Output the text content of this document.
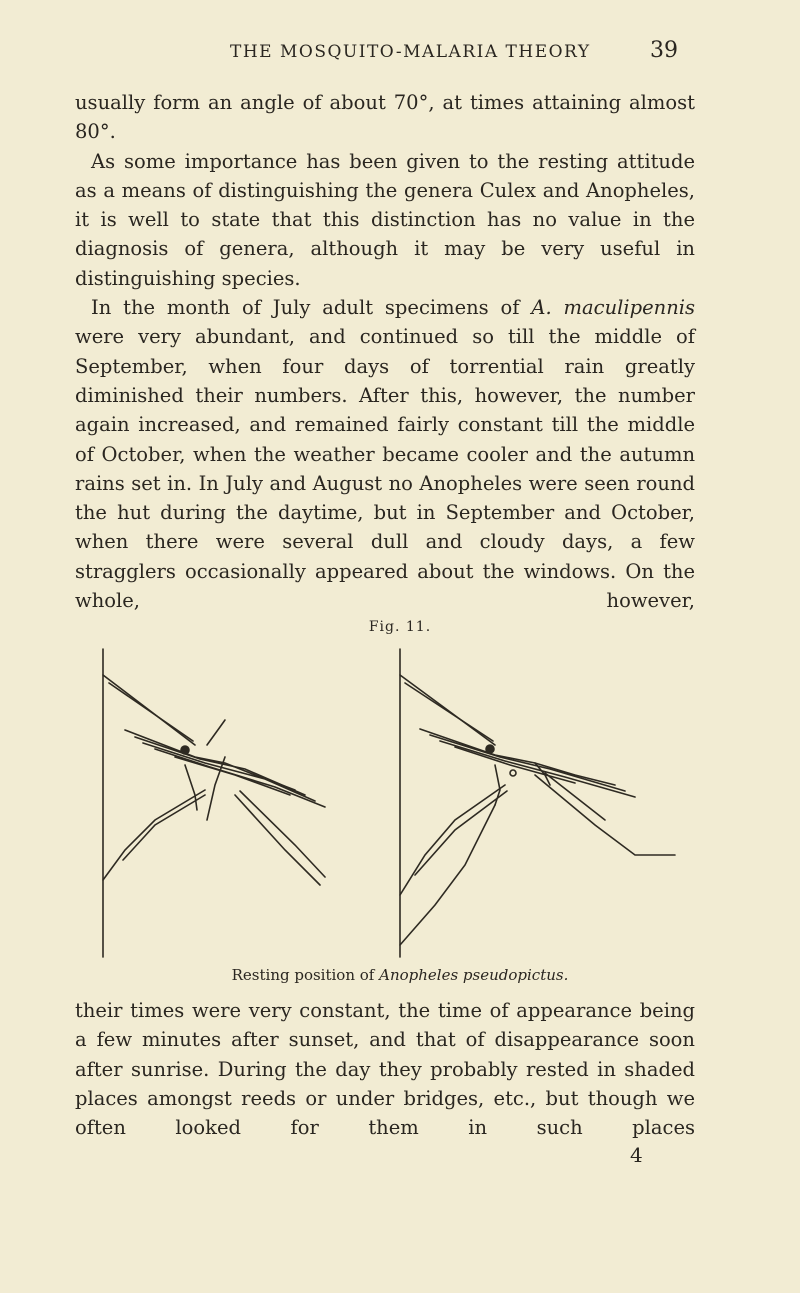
THE MOSQUITO-MALARIA THEORY	39

usually form an angle of about 70°, at times attaining almost 80°.

As some importance has been given to the resting attitude as a means of distinguishing the genera Culex and Anopheles, it is well to state that this distinction has no value in the diagnosis of genera, although it may be very useful in distinguishing species.

In the month of July adult specimens of A. maculipennis were very abundant, and continued so till the middle of September, when four days of torrential rain greatly diminished their numbers. After this, however, the number again increased, and remained fairly constant till the middle of October, when the weather became cooler and the autumn rains set in. In July and August no Anopheles were seen round the hut during the daytime, but in September and October, when there were several dull and cloudy days, a few stragglers occasionally appeared about the windows. On the whole, however,

Fig. 11.
Resting position of Anopheles pseudopictus.

their times were very constant, the time of appearance being a few minutes after sunset, and that of disappearance soon after sunrise. During the day they probably rested in shaded places amongst reeds or under bridges, etc., but though we often looked for them in such places

4
